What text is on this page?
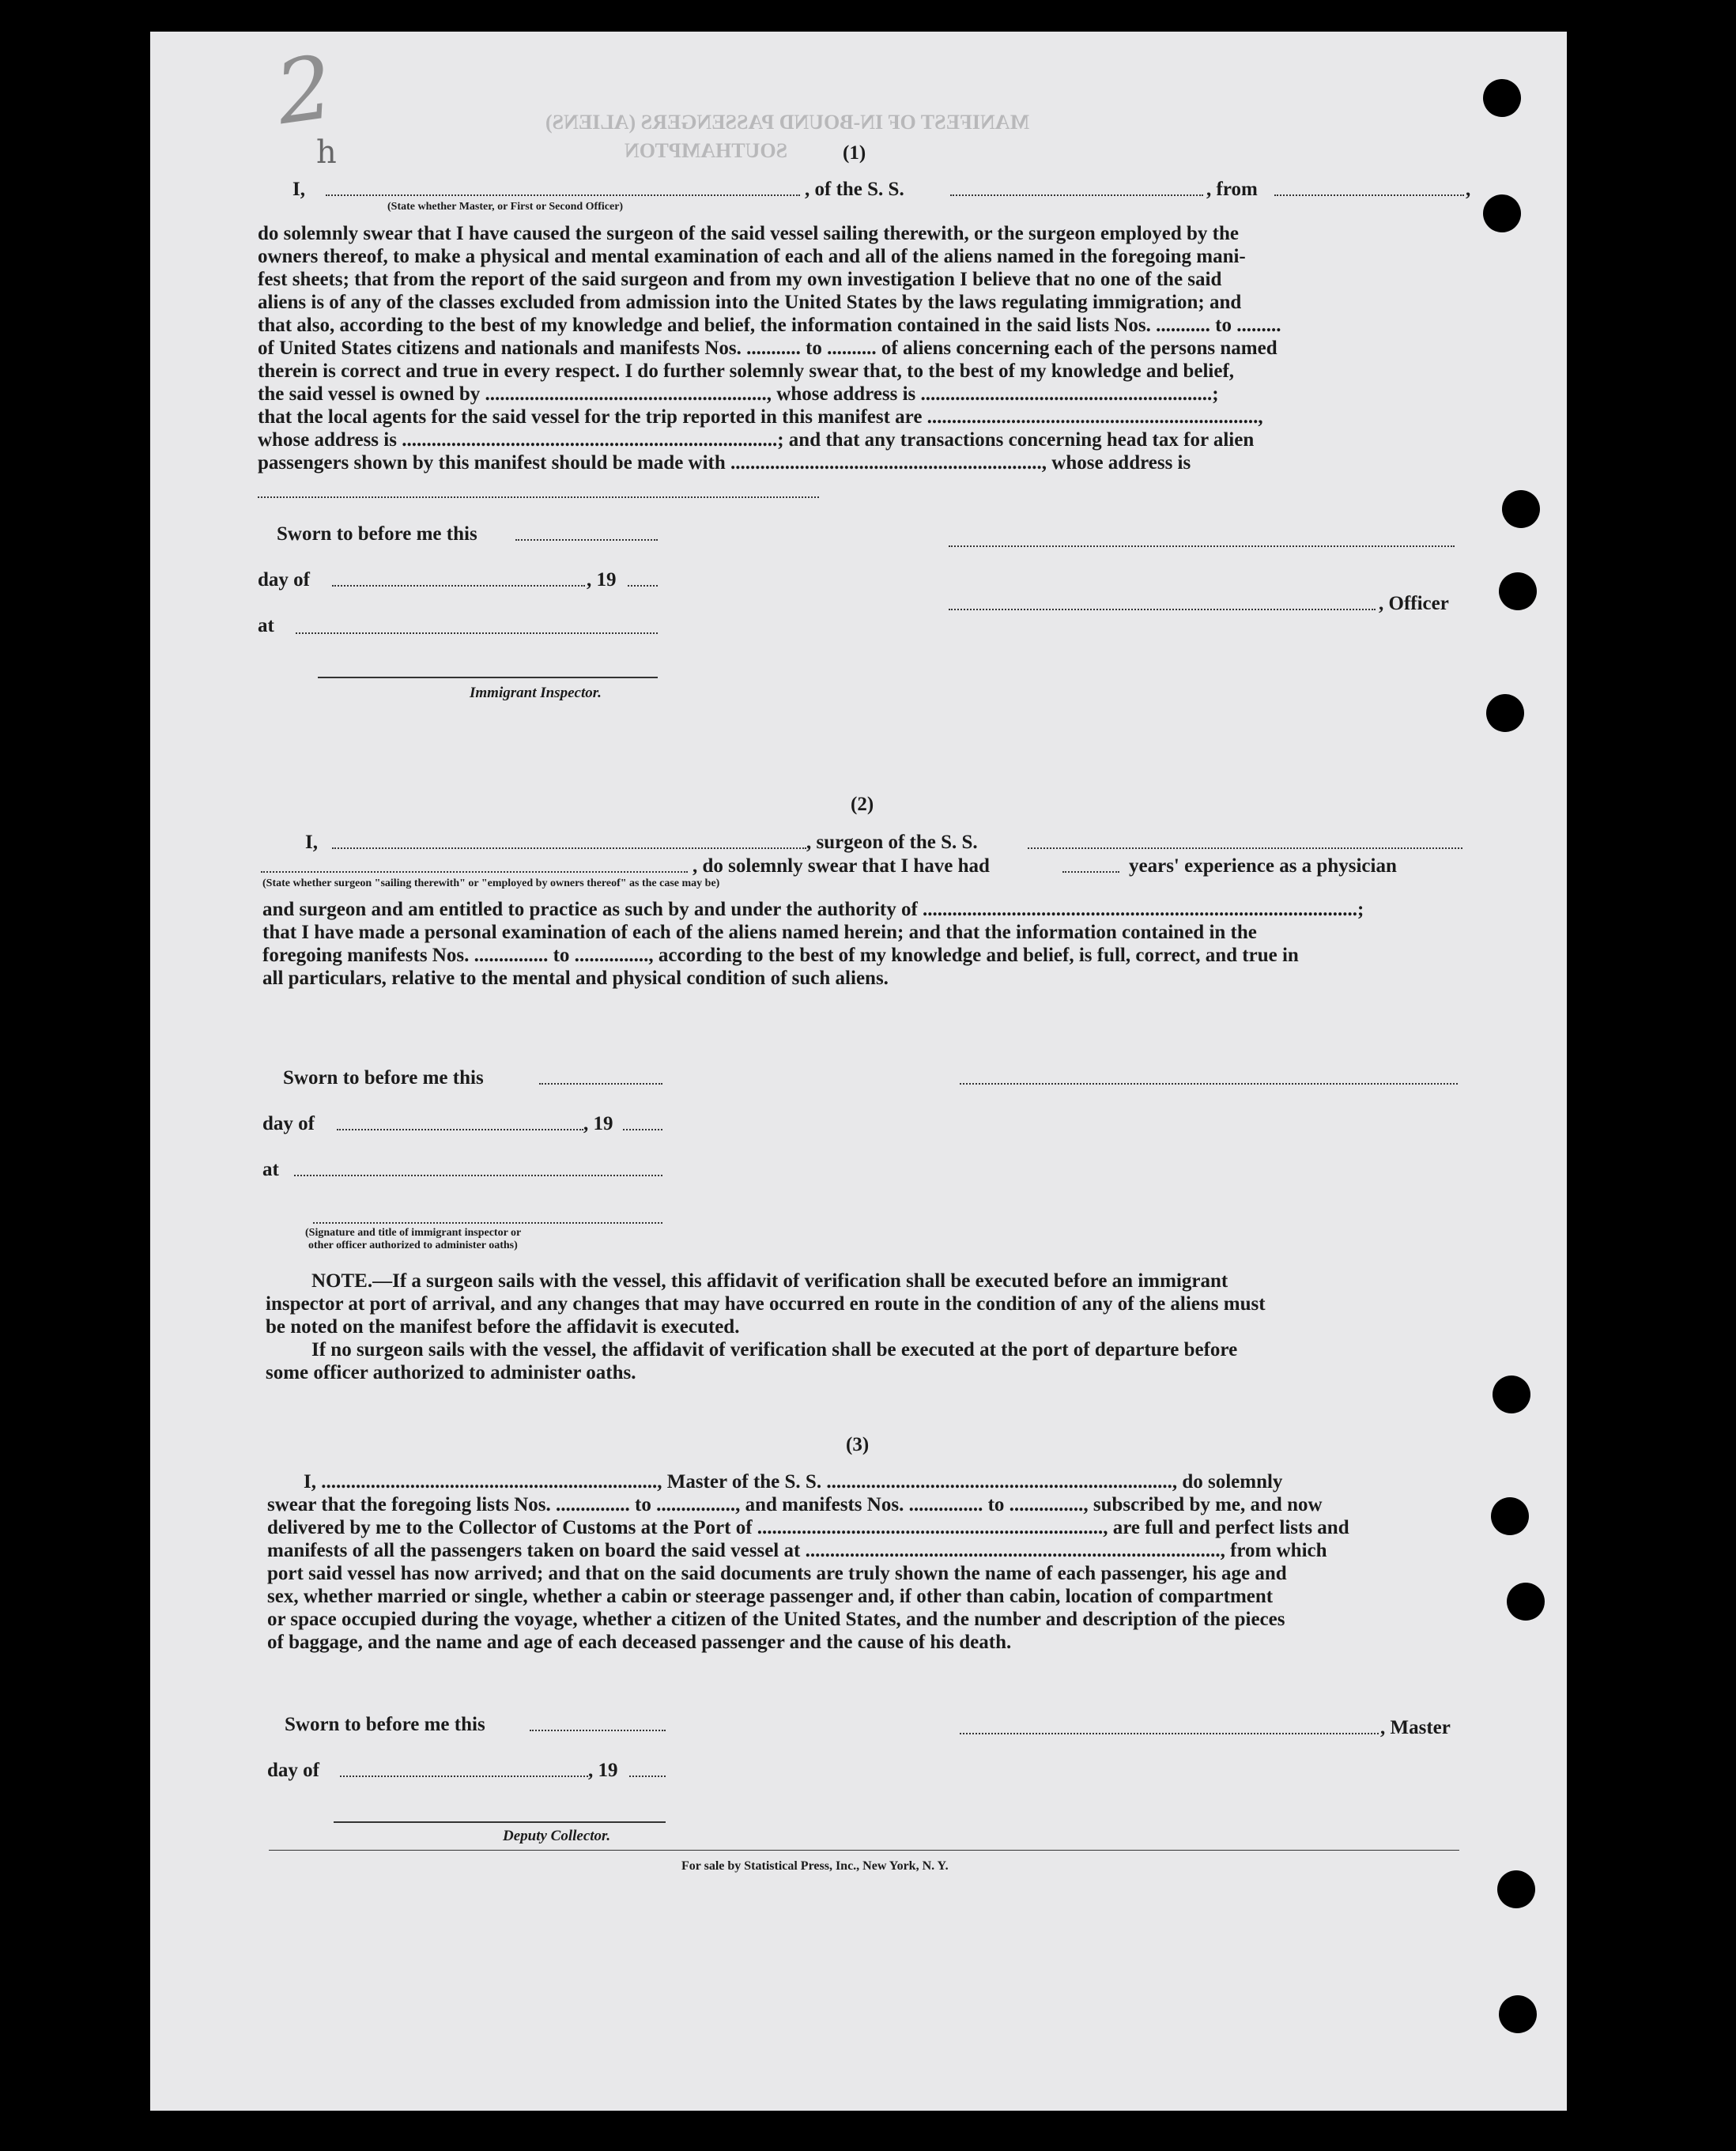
MANIFEST OF IN-BOUND PASSENGERS (ALIENS)
SOUTHAMPTON
2
h	(1)
I,	, of the S. S.	, from	,
(State whether Master, or First or Second Officer)
do solemnly swear that I have caused the surgeon of the said vessel sailing therewith, or the surgeon employed by the
owners thereof, to make a physical and mental examination of each and all of the aliens named in the foregoing mani-
fest sheets; that from the report of the said surgeon and from my own investigation I believe that no one of the said
aliens is of any of the classes excluded from admission into the United States by the laws regulating immigration; and
that also, according to the best of my knowledge and belief, the information contained in the said lists Nos. ........... to .........
of United States citizens and nationals and manifests Nos. ........... to .......... of aliens concerning each of the persons named
therein is correct and true in every respect. I do further solemnly swear that, to the best of my knowledge and belief,
the said vessel is owned by ........................................................., whose address is ...........................................................;
that the local agents for the said vessel for the trip reported in this manifest are ...................................................................,
whose address is ............................................................................; and that any transactions concerning head tax for alien
passengers shown by this manifest should be made with ..............................................................., whose address is
Sworn to before me this
day of	, 19
, Officer
at
Immigrant Inspector.
(2)
I,	, surgeon of the S. S.
, do solemnly swear that I have had	years' experience as a physician
(State whether surgeon "sailing therewith" or "employed by owners thereof" as the case may be)
and surgeon and am entitled to practice as such by and under the authority of ........................................................................................;
that I have made a personal examination of each of the aliens named herein; and that the information contained in the
foregoing manifests Nos. ............... to ..............., according to the best of my knowledge and belief, is full, correct, and true in
all particulars, relative to the mental and physical condition of such aliens.
Sworn to before me this
day of	, 19
at
(Signature and title of immigrant inspector or
other officer authorized to administer oaths)
NOTE.—If a surgeon sails with the vessel, this affidavit of verification shall be executed before an immigrant
inspector at port of arrival, and any changes that may have occurred en route in the condition of any of the aliens must
be noted on the manifest before the affidavit is executed.
If no surgeon sails with the vessel, the affidavit of verification shall be executed at the port of departure before
some officer authorized to administer oaths.
(3)
I, ...................................................................., Master of the S. S. ......................................................................, do solemnly
swear that the foregoing lists Nos. ............... to ................, and manifests Nos. ............... to ..............., subscribed by me, and now
delivered by me to the Collector of Customs at the Port of ......................................................................, are full and perfect lists and
manifests of all the passengers taken on board the said vessel at ...................................................................................., from which
port said vessel has now arrived; and that on the said documents are truly shown the name of each passenger, his age and
sex, whether married or single, whether a cabin or steerage passenger and, if other than cabin, location of compartment
or space occupied during the voyage, whether a citizen of the United States, and the number and description of the pieces
of baggage, and the name and age of each deceased passenger and the cause of his death.
Sworn to before me this	, Master
day of	, 19
Deputy Collector.
For sale by Statistical Press, Inc., New York, N. Y.
